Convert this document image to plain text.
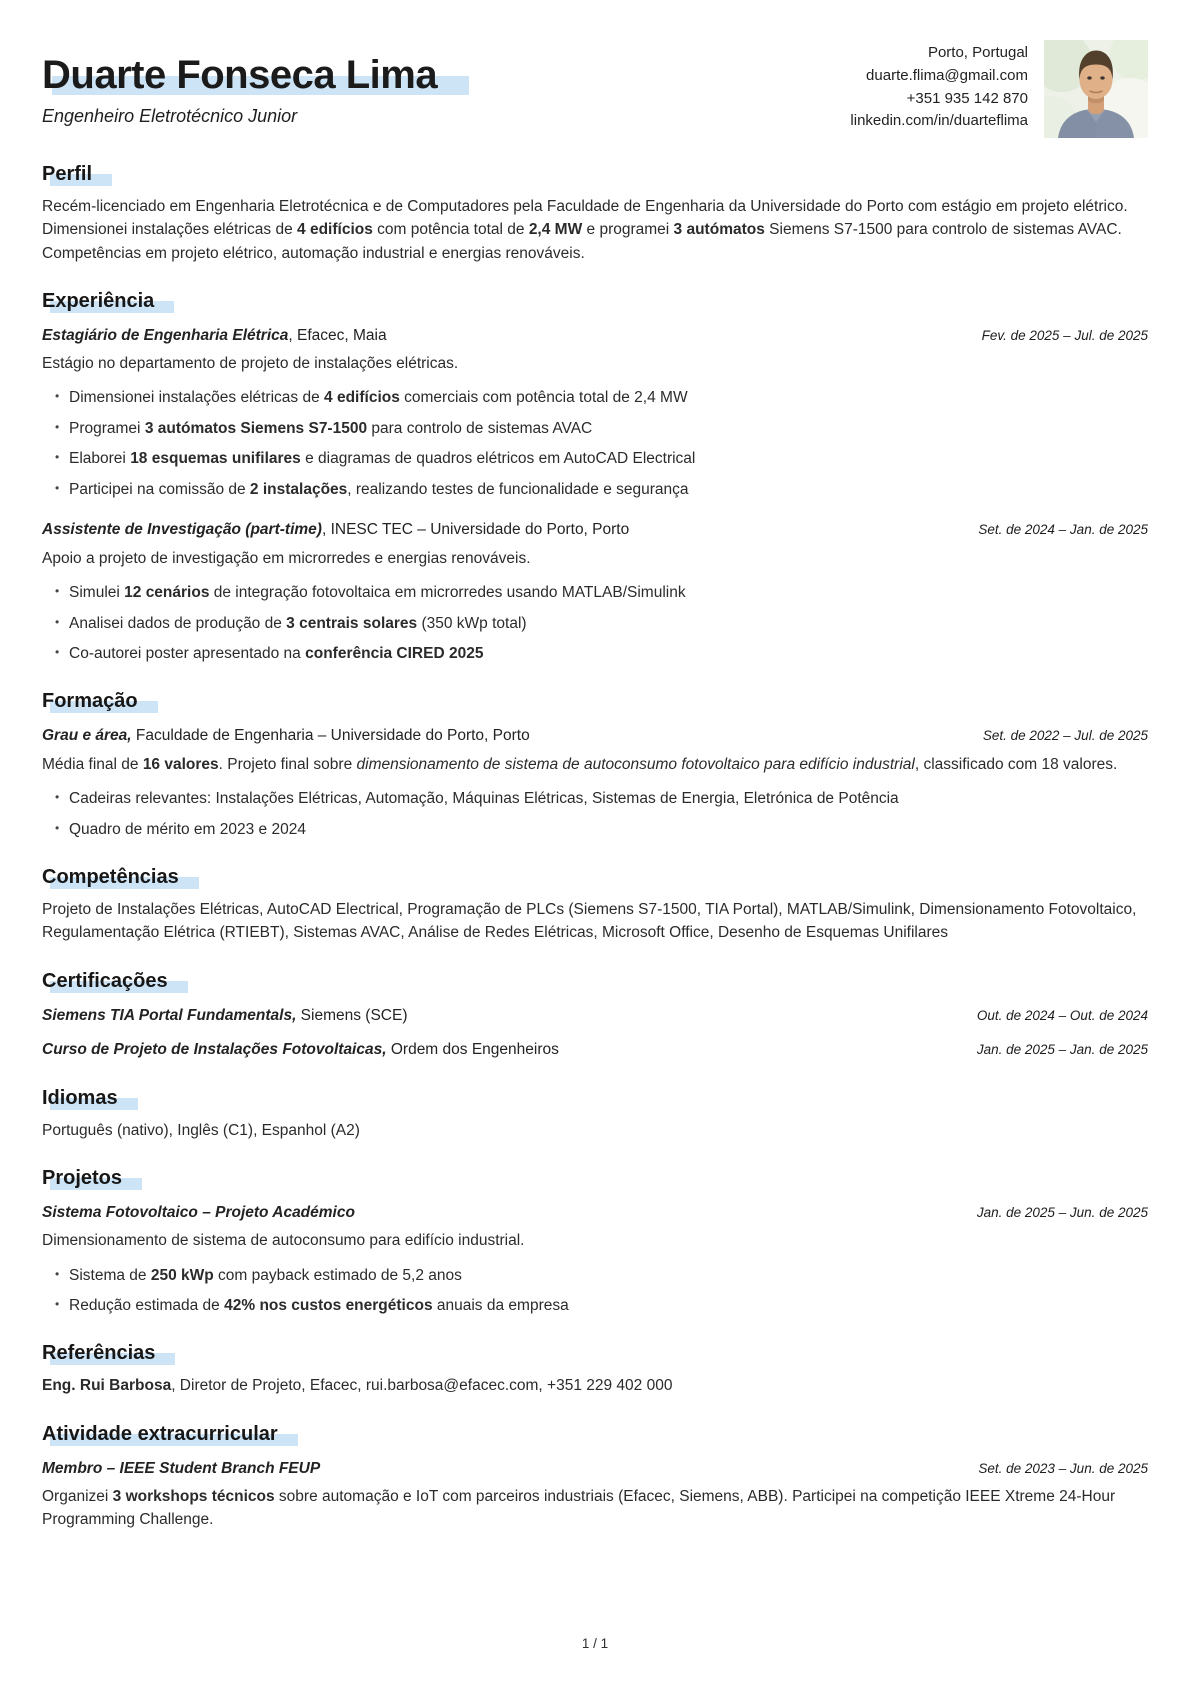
Duarte Fonseca Lima
Engenheiro Eletrotécnico Junior
Porto, Portugal
duarte.flima@gmail.com
+351 935 142 870
linkedin.com/in/duarteflima
Perfil

Recém-licenciado em Engenharia Eletrotécnica e de Computadores pela Faculdade de Engenharia da Universidade do Porto com estágio em projeto elétrico. Dimensionei instalações elétricas de 4 edifícios com potência total de 2,4 MW e programei 3 autómatos Siemens S7-1500 para controlo de sistemas AVAC. Competências em projeto elétrico, automação industrial e energias renováveis.

Experiência
Estagiário de Engenharia Elétrica, Efacec, Maia	Fev. de 2025 – Jul. de 2025
Estágio no departamento de projeto de instalações elétricas.
• Dimensionei instalações elétricas de 4 edifícios comerciais com potência total de 2,4 MW
• Programei 3 autómatos Siemens S7-1500 para controlo de sistemas AVAC
• Elaborei 18 esquemas unifilares e diagramas de quadros elétricos em AutoCAD Electrical
• Participei na comissão de 2 instalações, realizando testes de funcionalidade e segurança
Assistente de Investigação (part-time), INESC TEC – Universidade do Porto, Porto	Set. de 2024 – Jan. de 2025
Apoio a projeto de investigação em microrredes e energias renováveis.
• Simulei 12 cenários de integração fotovoltaica em microrredes usando MATLAB/Simulink
• Analisei dados de produção de 3 centrais solares (350 kWp total)
• Co-autorei poster apresentado na conferência CIRED 2025
Formação
Grau e área, Faculdade de Engenharia – Universidade do Porto, Porto	Set. de 2022 – Jul. de 2025
Média final de 16 valores. Projeto final sobre dimensionamento de sistema de autoconsumo fotovoltaico para edifício industrial, classificado com 18 valores.
• Cadeiras relevantes: Instalações Elétricas, Automação, Máquinas Elétricas, Sistemas de Energia, Eletrónica de Potência
• Quadro de mérito em 2023 e 2024
Competências

Projeto de Instalações Elétricas, AutoCAD Electrical, Programação de PLCs (Siemens S7-1500, TIA Portal), MATLAB/Simulink, Dimensionamento Fotovoltaico, Regulamentação Elétrica (RTIEBT), Sistemas AVAC, Análise de Redes Elétricas, Microsoft Office, Desenho de Esquemas Unifilares

Certificações
Siemens TIA Portal Fundamentals, Siemens (SCE)	Out. de 2024 – Out. de 2024
Curso de Projeto de Instalações Fotovoltaicas, Ordem dos Engenheiros	Jan. de 2025 – Jan. de 2025
Idiomas

Português (nativo), Inglês (C1), Espanhol (A2)

Projetos
Sistema Fotovoltaico – Projeto Académico	Jan. de 2025 – Jun. de 2025
Dimensionamento de sistema de autoconsumo para edifício industrial.
• Sistema de 250 kWp com payback estimado de 5,2 anos
• Redução estimada de 42% nos custos energéticos anuais da empresa
Referências

Eng. Rui Barbosa, Diretor de Projeto, Efacec, rui.barbosa@efacec.com, +351 229 402 000

Atividade extracurricular
Membro – IEEE Student Branch FEUP	Set. de 2023 – Jun. de 2025
Organizei 3 workshops técnicos sobre automação e IoT com parceiros industriais (Efacec, Siemens, ABB). Participei na competição IEEE Xtreme 24-Hour Programming Challenge.
1 / 1
